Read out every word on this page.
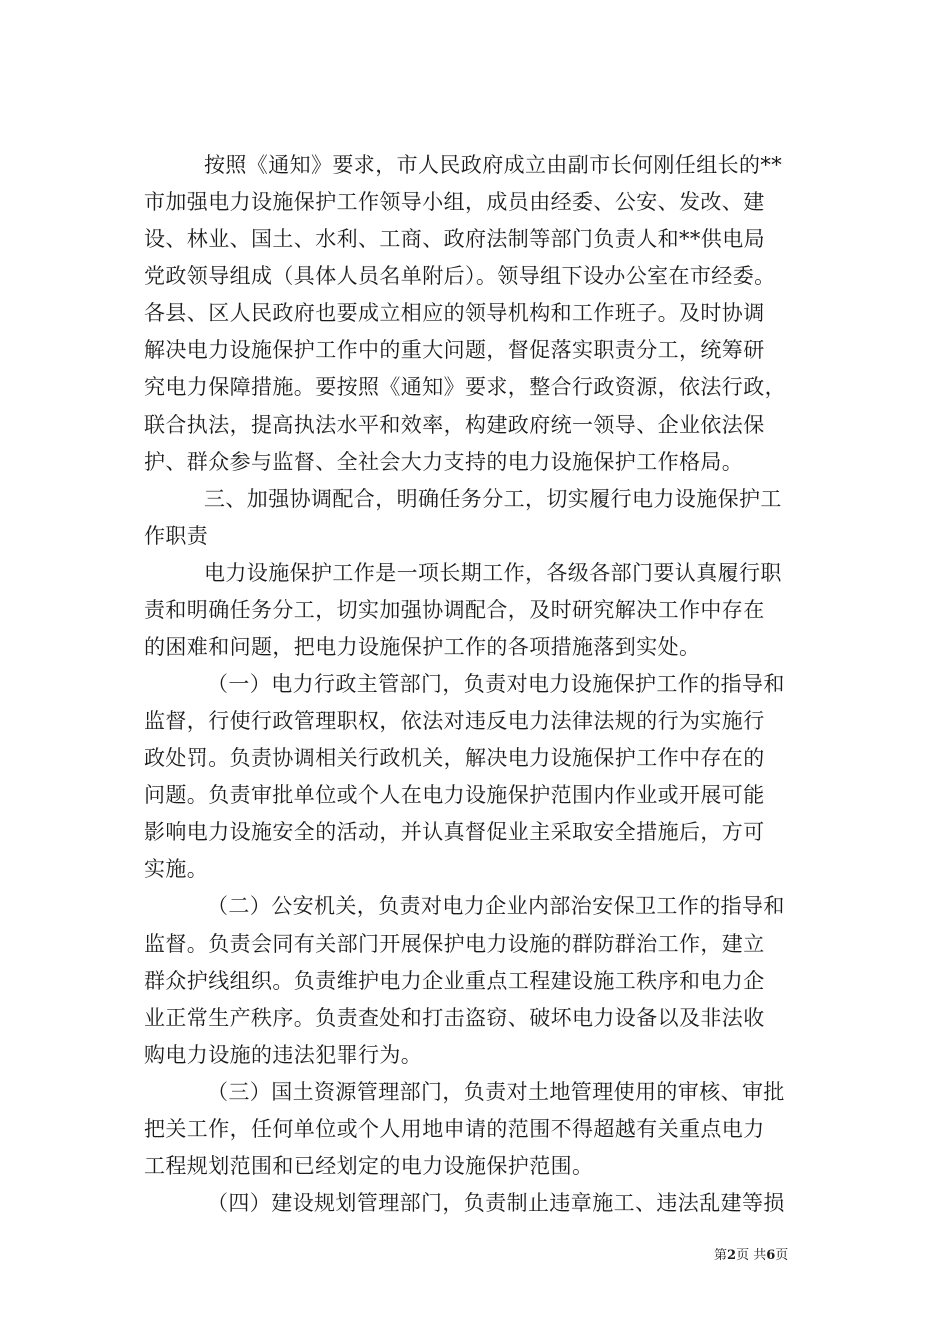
按照《通知》要求，市人民政府成立由副市长何刚任组长的**
市加强电力设施保护工作领导小组，成员由经委、公安、发改、建
设、林业、国土、水利、工商、政府法制等部门负责人和**供电局
党政领导组成（具体人员名单附后）。领导组下设办公室在市经委。
各县、区人民政府也要成立相应的领导机构和工作班子。及时协调
解决电力设施保护工作中的重大问题，督促落实职责分工，统筹研
究电力保障措施。要按照《通知》要求，整合行政资源，依法行政，
联合执法，提高执法水平和效率，构建政府统一领导、企业依法保
护、群众参与监督、全社会大力支持的电力设施保护工作格局。
三、加强协调配合，明确任务分工，切实履行电力设施保护工
作职责
电力设施保护工作是一项长期工作，各级各部门要认真履行职
责和明确任务分工，切实加强协调配合，及时研究解决工作中存在
的困难和问题，把电力设施保护工作的各项措施落到实处。
（一）电力行政主管部门，负责对电力设施保护工作的指导和
监督，行使行政管理职权，依法对违反电力法律法规的行为实施行
政处罚。负责协调相关行政机关，解决电力设施保护工作中存在的
问题。负责审批单位或个人在电力设施保护范围内作业或开展可能
影响电力设施安全的活动，并认真督促业主采取安全措施后，方可
实施。
（二）公安机关，负责对电力企业内部治安保卫工作的指导和
监督。负责会同有关部门开展保护电力设施的群防群治工作，建立
群众护线组织。负责维护电力企业重点工程建设施工秩序和电力企
业正常生产秩序。负责查处和打击盗窃、破坏电力设备以及非法收
购电力设施的违法犯罪行为。
（三）国土资源管理部门，负责对土地管理使用的审核、审批
把关工作，任何单位或个人用地申请的范围不得超越有关重点电力
工程规划范围和已经划定的电力设施保护范围。
（四）建设规划管理部门，负责制止违章施工、违法乱建等损
第2页 共6页
